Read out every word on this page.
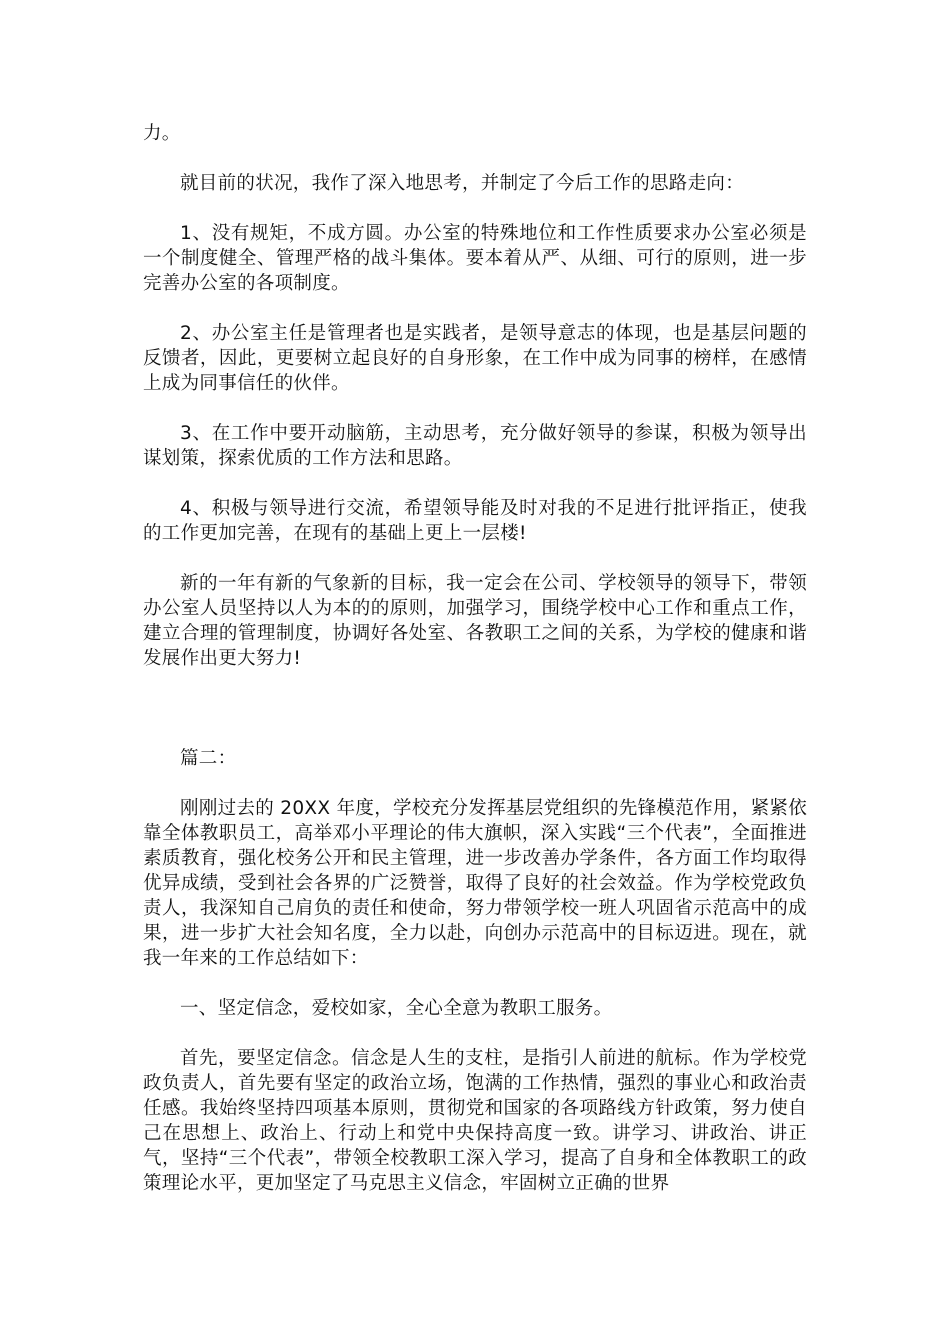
力。

就目前的状况，我作了深入地思考，并制定了今后工作的思路走向：

1、没有规矩，不成方圆。办公室的特殊地位和工作性质要求办公室必须是一个制度健全、管理严格的战斗集体。要本着从严、从细、可行的原则，进一步完善办公室的各项制度。

2、办公室主任是管理者也是实践者，是领导意志的体现，也是基层问题的反馈者，因此，更要树立起良好的自身形象，在工作中成为同事的榜样，在感情上成为同事信任的伙伴。

3、在工作中要开动脑筋，主动思考，充分做好领导的参谋，积极为领导出谋划策，探索优质的工作方法和思路。

4、积极与领导进行交流，希望领导能及时对我的不足进行批评指正，使我的工作更加完善，在现有的基础上更上一层楼!

新的一年有新的气象新的目标，我一定会在公司、学校领导的领导下，带领办公室人员坚持以人为本的的原则，加强学习，围绕学校中心工作和重点工作，建立合理的管理制度，协调好各处室、各教职工之间的关系，为学校的健康和谐发展作出更大努力!

篇二：

刚刚过去的 20XX 年度，学校充分发挥基层党组织的先锋模范作用，紧紧依靠全体教职员工，高举邓小平理论的伟大旗帜，深入实践“三个代表”，全面推进素质教育，强化校务公开和民主管理，进一步改善办学条件，各方面工作均取得优异成绩，受到社会各界的广泛赞誉，取得了良好的社会效益。作为学校党政负责人，我深知自己肩负的责任和使命，努力带领学校一班人巩固省示范高中的成果，进一步扩大社会知名度，全力以赴，向创办示范高中的目标迈进。现在，就我一年来的工作总结如下：

一、坚定信念，爱校如家，全心全意为教职工服务。

首先，要坚定信念。信念是人生的支柱，是指引人前进的航标。作为学校党政负责人，首先要有坚定的政治立场，饱满的工作热情，强烈的事业心和政治责任感。我始终坚持四项基本原则，贯彻党和国家的各项路线方针政策，努力使自己在思想上、政治上、行动上和党中央保持高度一致。讲学习、讲政治、讲正气，坚持“三个代表”，带领全校教职工深入学习，提高了自身和全体教职工的政策理论水平，更加坚定了马克思主义信念，牢固树立正确的世界
